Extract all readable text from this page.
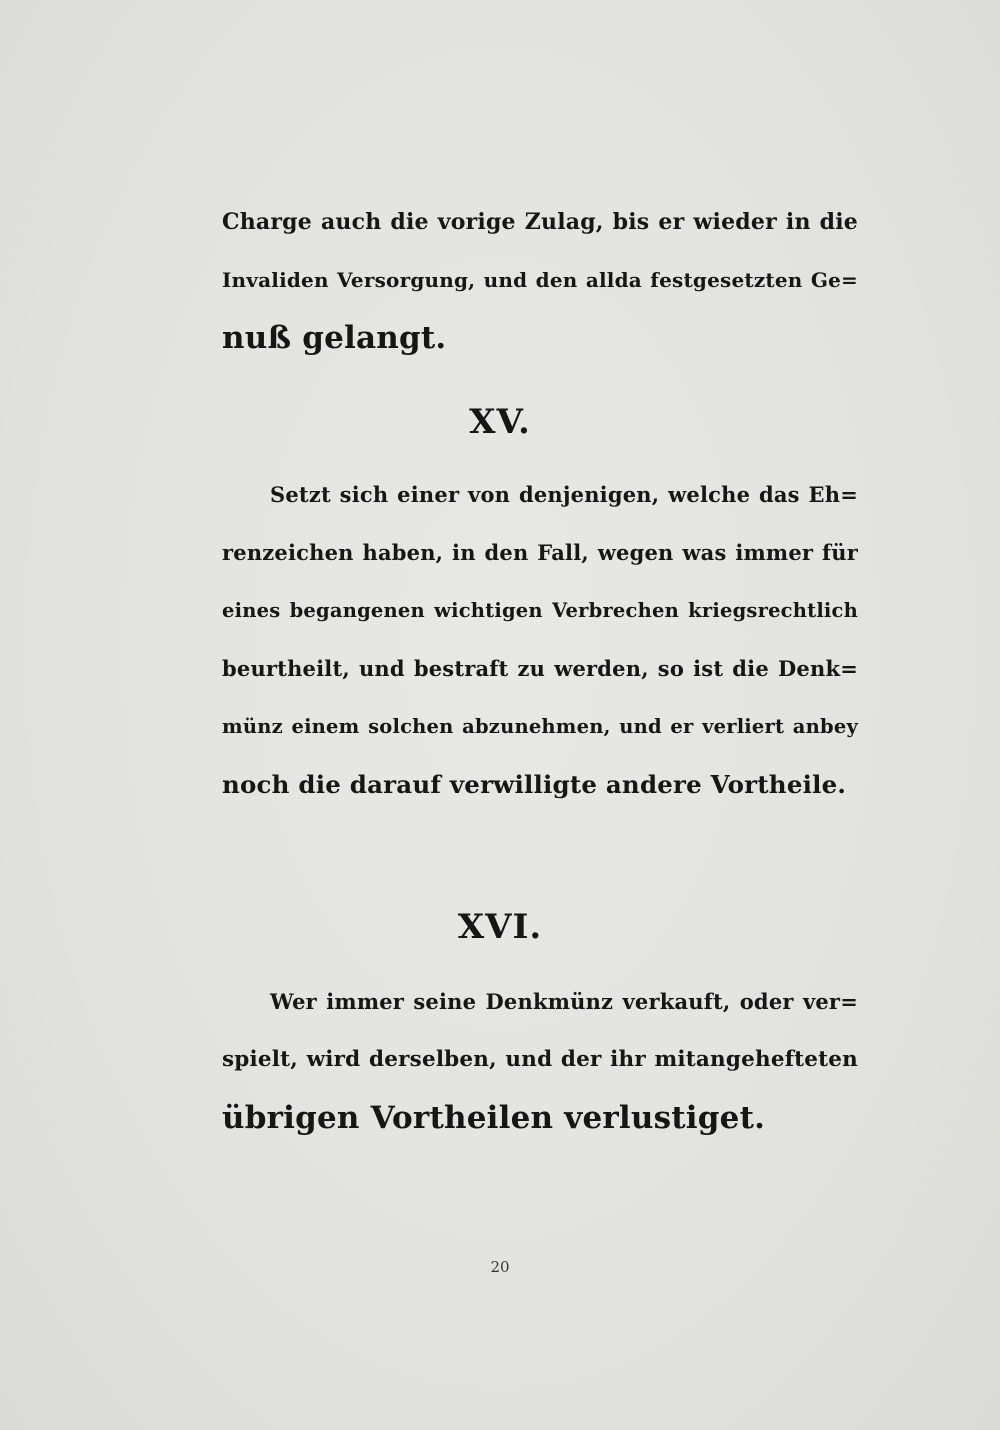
Charge auch die vorige Zulag, bis er wieder in die
Invaliden Versorgung, und den allda festgesetzten Ge=
nuß gelangt.
XV.
Setzt sich einer von denjenigen, welche das Eh=
renzeichen haben, in den Fall, wegen was immer für
eines begangenen wichtigen Verbrechen kriegsrechtlich
beurtheilt, und bestraft zu werden, so ist die Denk=
münz einem solchen abzunehmen, und er verliert anbey
noch die darauf verwilligte andere Vortheile.
XVI.
Wer immer seine Denkmünz verkauft, oder ver=
spielt, wird derselben, und der ihr mitangehefteten
übrigen Vortheilen verlustiget.
20
